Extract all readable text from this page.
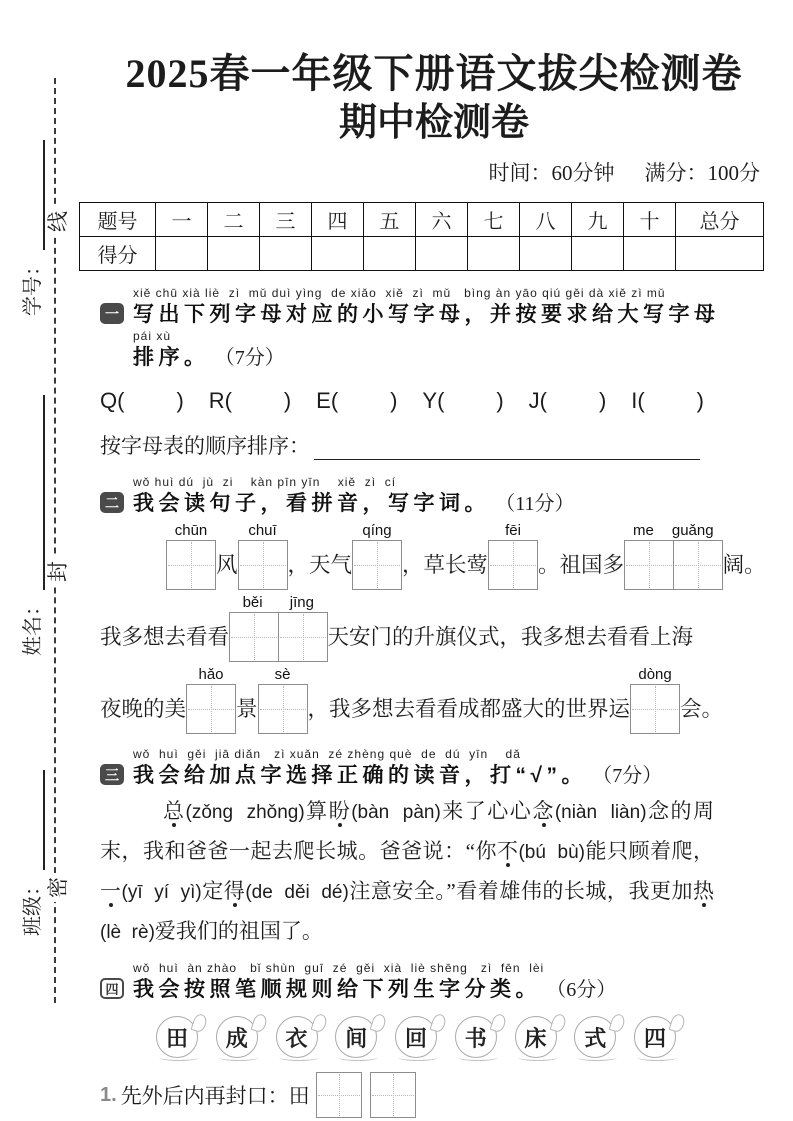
线
封
密
学号：
姓名：
班级：
2025春一年级下册语文拔尖检测卷
期中检测卷
时间：60分钟 满分：100分
题号	一	二	三	四	五	六	七	八	九	十	总分
得分											
一
xiě chū xià liè  zì  mǔ duì yìng  de xiǎo  xiě  zì  mǔ   bìng àn yāo qiú gěi dà xiě zì mǔ
写出下列字母对应的小写字母，并按要求给大写字母
pái xù
排序。 （7分）
Q( ) R( ) E( ) Y( ) J( ) I( )
按字母表的顺序排序：
二
wǒ huì dú  jù  zi    kàn pīn yīn    xiě  zì  cí
我会读句子，看拼音，写字词。 （11分）
chūn
风
chuī
，天气
qíng
，草长莺
fēi
。祖国多
me guǎng
阔。
我多想去看看
běi jīng
天安门的升旗仪式，我多想去看看上海
夜晚的美
hǎo
景
sè
，我多想去看看成都盛大的世界运
dòng
会。
三
wǒ  huì  gěi  jiā diǎn   zì xuǎn  zé zhèng què  de  dú  yīn    dǎ
我会给加点字选择正确的读音，打“√”。 （7分）
总(zǒng  zhǒng)算盼(bàn  pàn)来了心心念(niàn  liàn)念的周末，我和爸爸一起去爬长城。爸爸说：“你不(bú  bù)能只顾着爬，一(yī  yí  yì)定得(de  děi  dé)注意安全。”看着雄伟的长城，我更加热(lè  rè)爱我们的祖国了。
四
wǒ  huì  àn zhào   bǐ shùn  guī  zé  gěi  xià  liè shēng   zì  fēn  lèi
我会按照笔顺规则给下列生字分类。 （6分）
田 成 衣 间 回 书 床 式 四
1. 先外后内再封口：田
